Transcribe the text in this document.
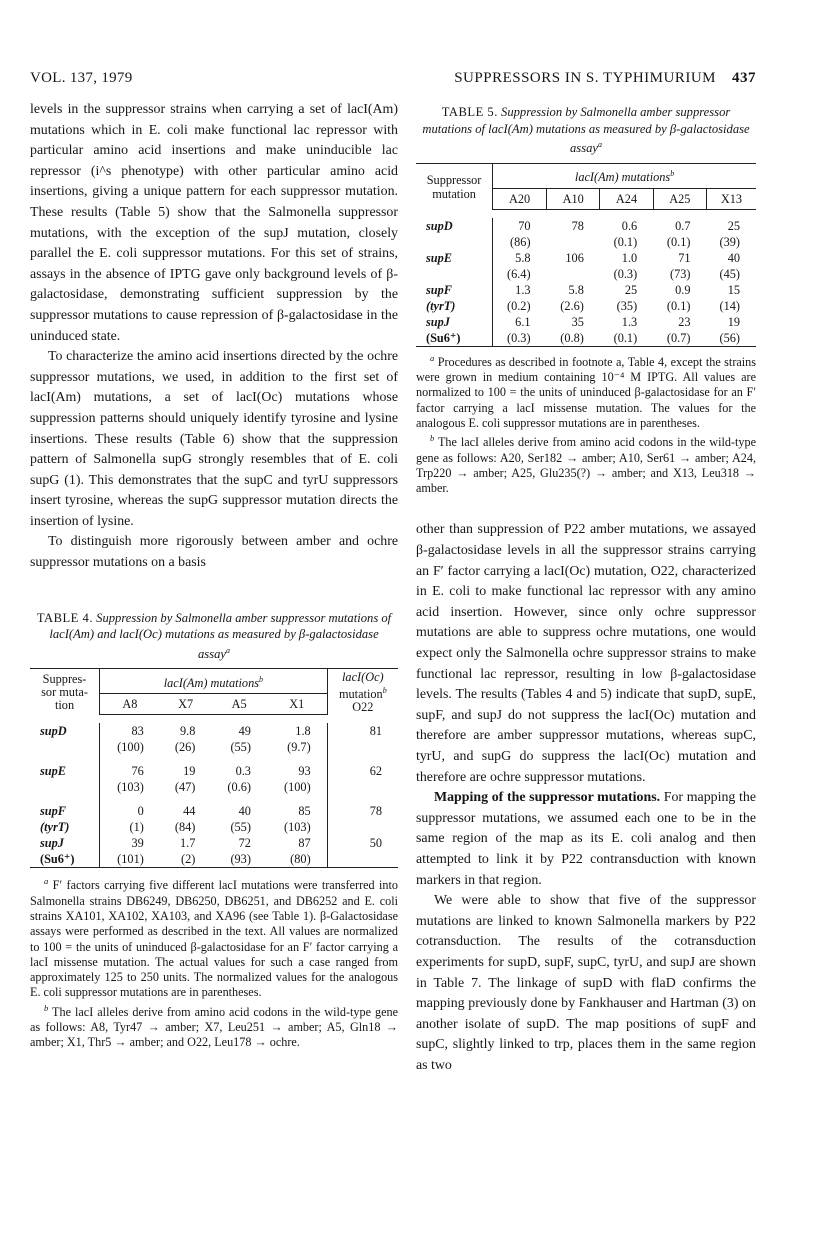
VOL. 137, 1979	SUPPRESSORS IN S. TYPHIMURIUM 437

levels in the suppressor strains when carrying a set of lacI(Am) mutations which in E. coli make functional lac repressor with particular amino acid insertions and make uninducible lac repressor (i^s phenotype) with other particular amino acid insertions, giving a unique pattern for each suppressor mutation. These results (Table 5) show that the Salmonella suppressor mutations, with the exception of the supJ mutation, closely parallel the E. coli suppressor mutations. For this set of strains, assays in the absence of IPTG gave only background levels of β-galactosidase, demonstrating sufficient suppression by the suppressor mutations to cause repression of β-galactosidase in the uninduced state.

To characterize the amino acid insertions directed by the ochre suppressor mutations, we used, in addition to the first set of lacI(Am) mutations, a set of lacI(Oc) mutations whose suppression patterns should uniquely identify tyrosine and lysine insertions. These results (Table 6) show that the suppression pattern of Salmonella supG strongly resembles that of E. coli supG (1). This demonstrates that the supC and tyrU suppressors insert tyrosine, whereas the supG suppressor mutation directs the insertion of lysine.

To distinguish more rigorously between amber and ochre suppressor mutations on a basis

TABLE 4. Suppression by Salmonella amber suppressor mutations of lacI(Am) and lacI(Oc) mutations as measured by β-galactosidase assay$^a$

Suppres-
sor muta-
tion	lacI(Am) mutations$^b$				lacI(Oc)
mutation$^b$
O22
	A8	X7	A5	X1	

supD	83	9.8	49	1.8	81
	(100)	(26)	(55)	(9.7)	

supE	76	19	0.3	93	62
	(103)	(47)	(0.6)	(100)	

supF	0	44	40	85	78
(tyrT)	(1)	(84)	(55)	(103)	
supJ	39	1.7	72	87	50
(Su6⁺)	(101)	(2)	(93)	(80)	

$^a$ F′ factors carrying five different lacI mutations were transferred into Salmonella strains DB6249, DB6250, DB6251, and DB6252 and E. coli strains XA101, XA102, XA103, and XA96 (see Table 1). β-Galactosidase assays were performed as described in the text. All values are normalized to 100 = the units of uninduced β-galactosidase for an F′ factor carrying a lacI missense mutation. The actual values for such a case ranged from approximately 125 to 250 units. The normalized values for the analogous E. coli suppressor mutations are in parentheses.

$^b$ The lacI alleles derive from amino acid codons in the wild-type gene as follows: A8, Tyr47 → amber; X7, Leu251 → amber; A5, Gln18 → amber; X1, Thr5 → amber; and O22, Leu178 → ochre.

TABLE 5. Suppression by Salmonella amber suppressor mutations of lacI(Am) mutations as measured by β-galactosidase assay$^a$

Suppressor
mutation	lacI(Am) mutations$^b$
	A20	A10	A24	A25	X13

supD	70	78	0.6	0.7	25
	(86)		(0.1)	(0.1)	(39)
supE	5.8	106	1.0	71	40
	(6.4)		(0.3)	(73)	(45)
supF	1.3	5.8	25	0.9	15
(tyrT)	(0.2)	(2.6)	(35)	(0.1)	(14)
supJ	6.1	35	1.3	23	19
(Su6⁺)	(0.3)	(0.8)	(0.1)	(0.7)	(56)

$^a$ Procedures as described in footnote a, Table 4, except the strains were grown in medium containing 10⁻⁴ M IPTG. All values are normalized to 100 = the units of uninduced β-galactosidase for an F′ factor carrying a lacI missense mutation. The values for the analogous E. coli suppressor mutations are in parentheses.

$^b$ The lacI alleles derive from amino acid codons in the wild-type gene as follows: A20, Ser182 → amber; A10, Ser61 → amber; A24, Trp220 → amber; A25, Glu235(?) → amber; and X13, Leu318 → amber.

other than suppression of P22 amber mutations, we assayed β-galactosidase levels in all the suppressor strains carrying an F′ factor carrying a lacI(Oc) mutation, O22, characterized in E. coli to make functional lac repressor with any amino acid insertion. However, since only ochre suppressor mutations are able to suppress ochre mutations, one would expect only the Salmonella ochre suppressor strains to make functional lac repressor, resulting in low β-galactosidase levels. The results (Tables 4 and 5) indicate that supD, supE, supF, and supJ do not suppress the lacI(Oc) mutation and therefore are amber suppressor mutations, whereas supC, tyrU, and supG do suppress the lacI(Oc) mutation and therefore are ochre suppressor mutations.

Mapping of the suppressor mutations. For mapping the suppressor mutations, we assumed each one to be in the same region of the map as its E. coli analog and then attempted to link it by P22 contransduction with known markers in that region.

We were able to show that five of the suppressor mutations are linked to known Salmonella markers by P22 cotransduction. The results of the cotransduction experiments for supD, supF, supC, tyrU, and supJ are shown in Table 7. The linkage of supD with flaD confirms the mapping previously done by Fankhauser and Hartman (3) on another isolate of supD. The map positions of supF and supC, slightly linked to trp, places them in the same region as two
